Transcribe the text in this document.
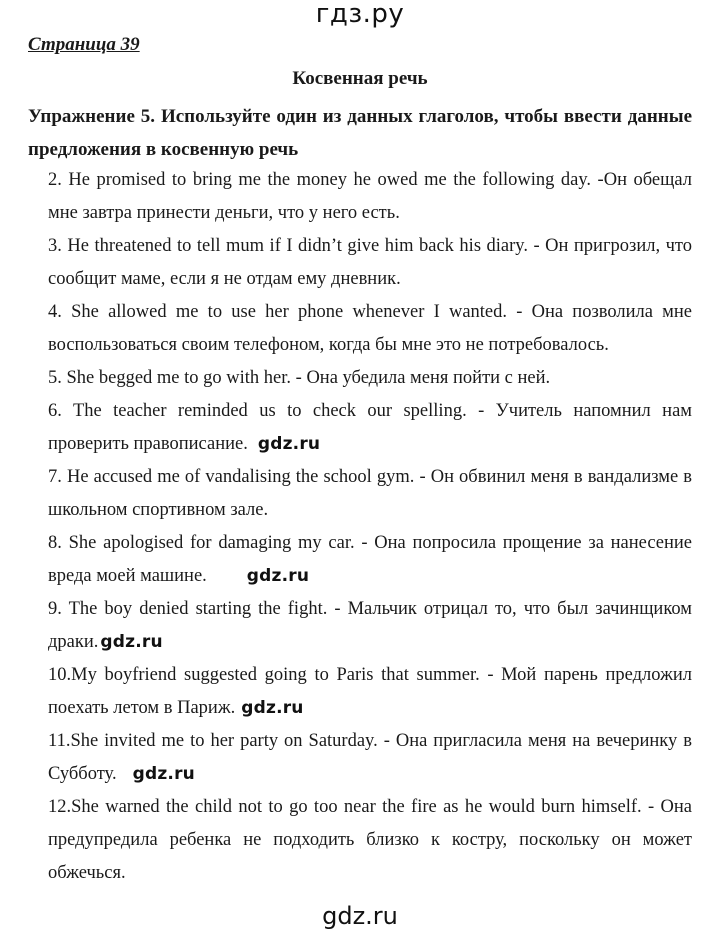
гдз.ру
Страница 39
Косвенная речь

Упражнение 5. Используйте один из данных глаголов, чтобы ввести данные предложения в косвенную речь

2. He promised to bring me the money he owed me the following day. -Он обещал мне завтра принести деньги, что у него есть.
3. He threatened to tell mum if I didn’t give him back his diary. - Он пригрозил, что сообщит маме, если я не отдам ему дневник.
4. She allowed me to use her phone whenever I wanted. - Она позволила мне воспользоваться своим телефоном, когда бы мне это не потребовалось.
5. She begged me to go with her. - Она убедила меня пойти с ней.
6. The teacher reminded us to check our spelling. - Учитель напомнил нам проверить правописание. gdz.ru
7. He accused me of vandalising the school gym. - Он обвинил меня в вандализме в школьном спортивном зале.
8. She apologised for damaging my car. - Она попросила прощение за нанесение вреда моей машине. gdz.ru
9. The boy denied starting the fight. - Мальчик отрицал то, что был зачинщиком драки. gdz.ru
10.My boyfriend suggested going to Paris that summer. - Мой парень предложил поехать летом в Париж. gdz.ru
11.She invited me to her party on Saturday. - Она пригласила меня на вечеринку в Субботу. gdz.ru
12.She warned the child not to go too near the fire as he would burn himself. - Она предупредила ребенка не подходить близко к костру, поскольку он может обжечься.
gdz.ru
